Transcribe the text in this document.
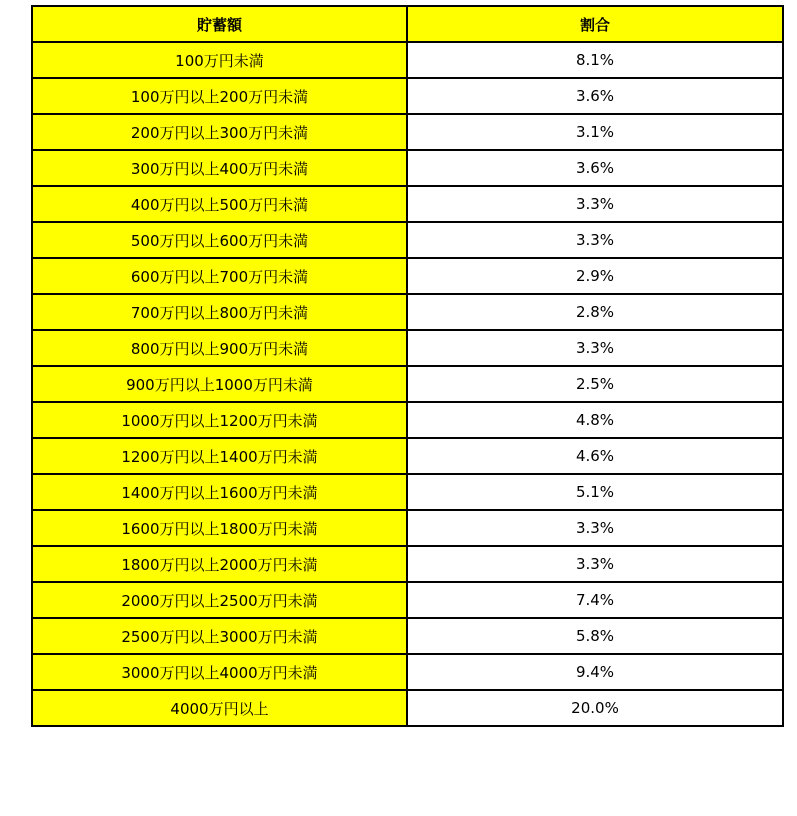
貯蓄額	割合
100万円未満	8.1%
100万円以上200万円未満	3.6%
200万円以上300万円未満	3.1%
300万円以上400万円未満	3.6%
400万円以上500万円未満	3.3%
500万円以上600万円未満	3.3%
600万円以上700万円未満	2.9%
700万円以上800万円未満	2.8%
800万円以上900万円未満	3.3%
900万円以上1000万円未満	2.5%
1000万円以上1200万円未満	4.8%
1200万円以上1400万円未満	4.6%
1400万円以上1600万円未満	5.1%
1600万円以上1800万円未満	3.3%
1800万円以上2000万円未満	3.3%
2000万円以上2500万円未満	7.4%
2500万円以上3000万円未満	5.8%
3000万円以上4000万円未満	9.4%
4000万円以上	20.0%
